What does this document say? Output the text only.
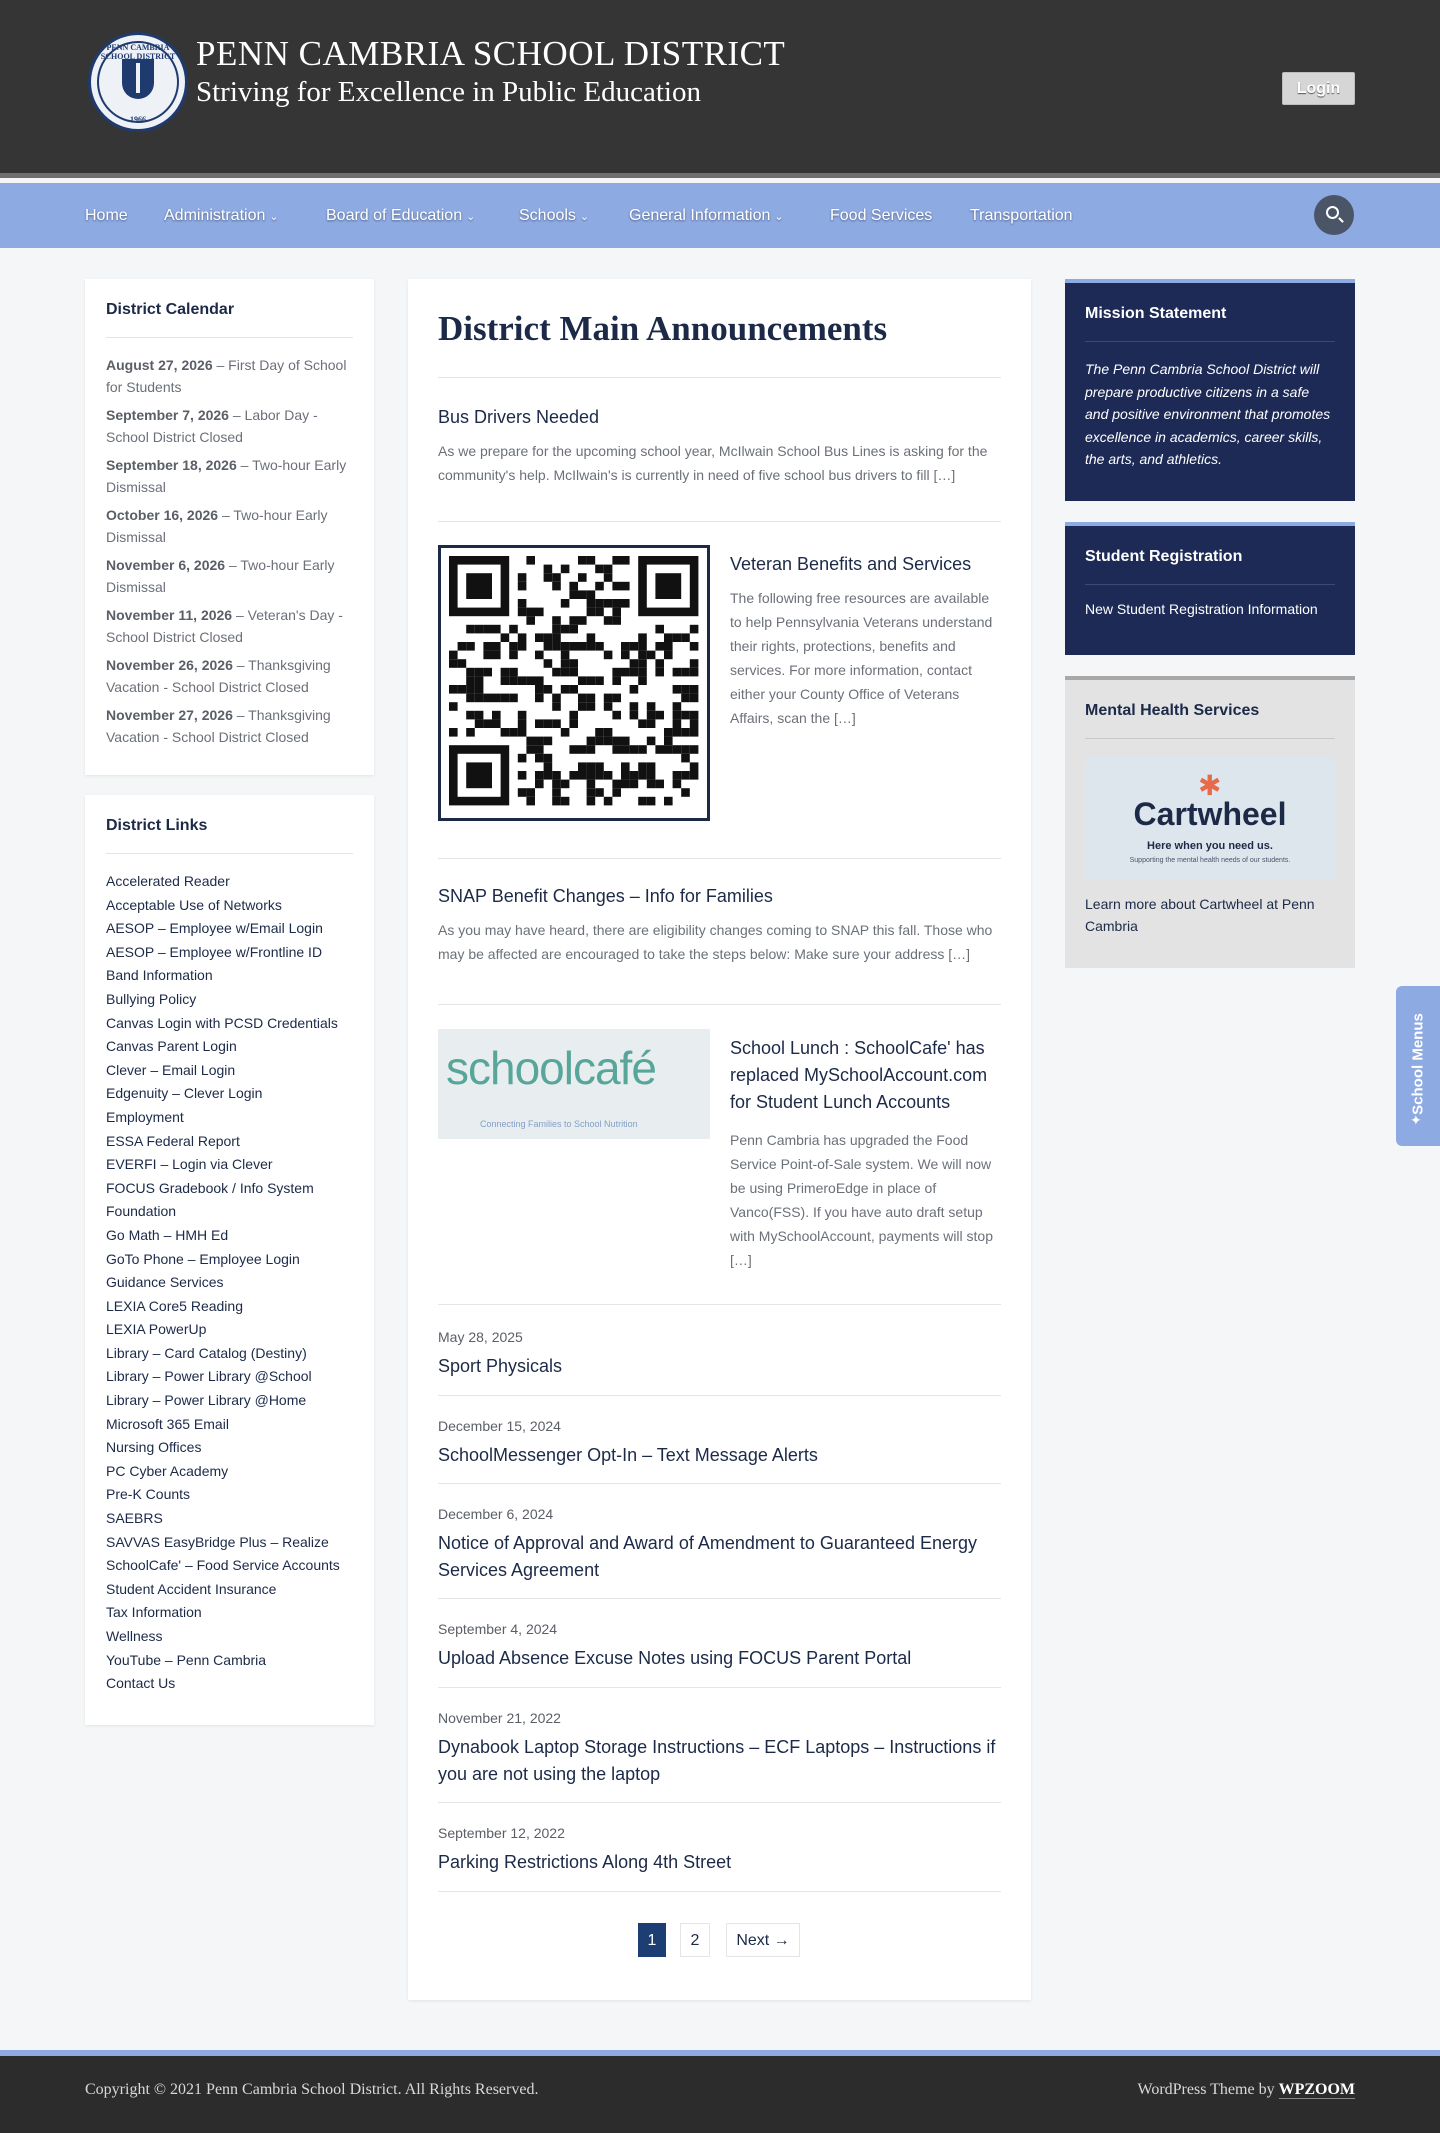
PENN CAMBRIA SCHOOL DISTRICT
1966
PENN CAMBRIA SCHOOL DISTRICT
Striving for Excellence in Public Education	Login
Home Administration ⌄	Board of Education ⌄	Schools ⌄ General Information ⌄	Food Services Transportation
District Calendar
August 27, 2026 – First Day of School for Students
September 7, 2026 – Labor Day - School District Closed
September 18, 2026 – Two-hour Early Dismissal
October 16, 2026 – Two-hour Early Dismissal
November 6, 2026 – Two-hour Early Dismissal
November 11, 2026 – Veteran's Day - School District Closed
November 26, 2026 – Thanksgiving Vacation - School District Closed
November 27, 2026 – Thanksgiving Vacation - School District Closed
District Links
Accelerated Reader
Acceptable Use of Networks
AESOP – Employee w/Email Login
AESOP – Employee w/Frontline ID
Band Information
Bullying Policy
Canvas Login with PCSD Credentials
Canvas Parent Login
Clever – Email Login
Edgenuity – Clever Login
Employment
ESSA Federal Report
EVERFI – Login via Clever
FOCUS Gradebook / Info System
Foundation
Go Math – HMH Ed
GoTo Phone – Employee Login
Guidance Services
LEXIA Core5 Reading
LEXIA PowerUp
Library – Card Catalog (Destiny)
Library – Power Library @School
Library – Power Library @Home
Microsoft 365 Email
Nursing Offices
PC Cyber Academy
Pre-K Counts
SAEBRS
SAVVAS EasyBridge Plus – Realize
SchoolCafe' – Food Service Accounts
Student Accident Insurance
Tax Information
Wellness
YouTube – Penn Cambria
Contact Us
District Main Announcements
Bus Drivers Needed
As we prepare for the upcoming school year, McIlwain School Bus Lines is asking for the community's help. McIlwain's is currently in need of five school bus drivers to fill […]
Veteran Benefits and Services
The following free resources are available to help Pennsylvania Veterans understand their rights, protections, benefits and services. For more information, contact either your County Office of Veterans Affairs, scan the […]
SNAP Benefit Changes – Info for Families
As you may have heard, there are eligibility changes coming to SNAP this fall. Those who may be affected are encouraged to take the steps below: Make sure your address […]
schoolcafé
Connecting Families to School Nutrition
School Lunch : SchoolCafe' has replaced MySchoolAccount.com for Student Lunch Accounts
Penn Cambria has upgraded the Food Service Point-of-Sale system. We will now be using PrimeroEdge in place of Vanco(FSS). If you have auto draft setup with MySchoolAccount, payments will stop […]
May 28, 2025
Sport Physicals
December 15, 2024
SchoolMessenger Opt-In – Text Message Alerts
December 6, 2024
Notice of Approval and Award of Amendment to Guaranteed Energy Services Agreement
September 4, 2024
Upload Absence Excuse Notes using FOCUS Parent Portal
November 21, 2022
Dynabook Laptop Storage Instructions – ECF Laptops – Instructions if you are not using the laptop
September 12, 2022
Parking Restrictions Along 4th Street
1	2	Next →
Mission Statement
The Penn Cambria School District will prepare productive citizens in a safe and positive environment that promotes excellence in academics, career skills, the arts, and athletics.
Student Registration
New Student Registration Information
Mental Health Services
✱
Cartwheel
Here when you need us.
Supporting the mental health needs of our students.
Learn more about Cartwheel at Penn Cambria
School Menus
✦
Copyright © 2021 Penn Cambria School District. All Rights Reserved.	WordPress Theme by WPZOOM
